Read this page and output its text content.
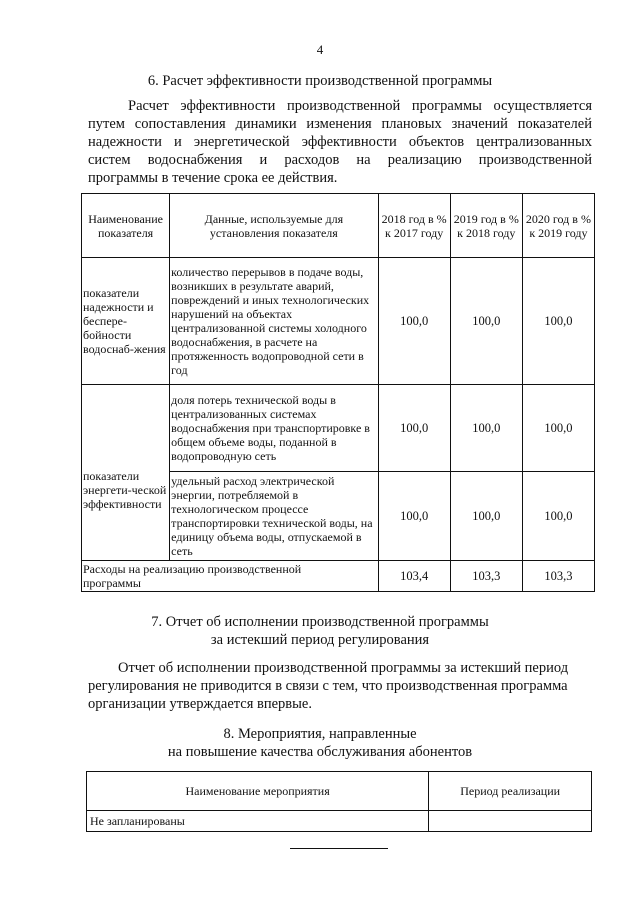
4
6. Расчет эффективности производственной программы
Расчет эффективности производственной программы осуществляется
путем сопоставления динамики изменения плановых значений показателей
надежности и энергетической эффективности объектов централизованных
систем водоснабжения и расходов на реализацию производственной
программы в течение срока ее действия.
Наименование показателя	Данные, используемые для установления показателя	2018 год в % к 2017 году	2019 год в % к 2018 году	2020 год в % к 2019 году
показатели надежности и беспере-бойности водоснаб-жения	количество перерывов в подаче воды, возникших в результате аварий, повреждений и иных технологических нарушений на объектах централизованной системы холодного водоснабжения, в расчете на протяженность водопроводной сети в год	100,0	100,0	100,0
показатели энергети-ческой эффективности	доля потерь технической воды в централизованных системах водоснабжения при транспортировке в общем объеме воды, поданной в водопроводную сеть	100,0	100,0	100,0
	удельный расход электрической энергии, потребляемой в технологическом процессе транспортировки технической воды, на единицу объема воды, отпускаемой в сеть	100,0	100,0	100,0
Расходы на реализацию производственной программы		103,4	103,3	103,3
7. Отчет об исполнении производственной программы
за истекший период регулирования
Отчет об исполнении производственной программы за истекший период
регулирования не приводится в связи с тем, что производственная программа
организации утверждается впервые.
8. Мероприятия, направленные
на повышение качества обслуживания абонентов
Наименование мероприятия	Период реализации
Не запланированы	
